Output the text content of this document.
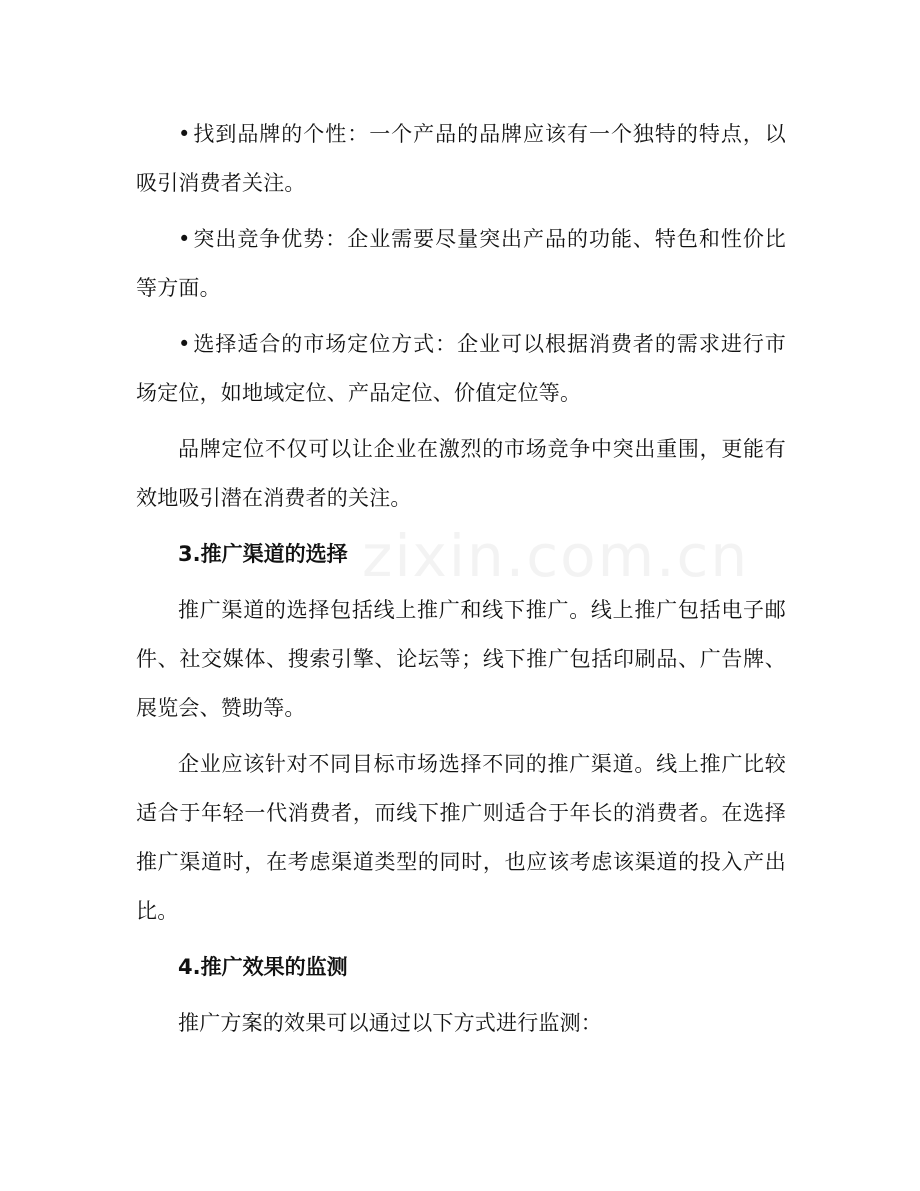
zixin.com.cn

•找到品牌的个性：一个产品的品牌应该有一个独特的特点，以吸引消费者关注。

•突出竞争优势：企业需要尽量突出产品的功能、特色和性价比等方面。

•选择适合的市场定位方式：企业可以根据消费者的需求进行市场定位，如地域定位、产品定位、价值定位等。

品牌定位不仅可以让企业在激烈的市场竞争中突出重围，更能有效地吸引潜在消费者的关注。

3.推广渠道的选择

推广渠道的选择包括线上推广和线下推广。线上推广包括电子邮件、社交媒体、搜索引擎、论坛等；线下推广包括印刷品、广告牌、展览会、赞助等。

企业应该针对不同目标市场选择不同的推广渠道。线上推广比较适合于年轻一代消费者，而线下推广则适合于年长的消费者。在选择推广渠道时，在考虑渠道类型的同时，也应该考虑该渠道的投入产出比。

4.推广效果的监测

推广方案的效果可以通过以下方式进行监测：
